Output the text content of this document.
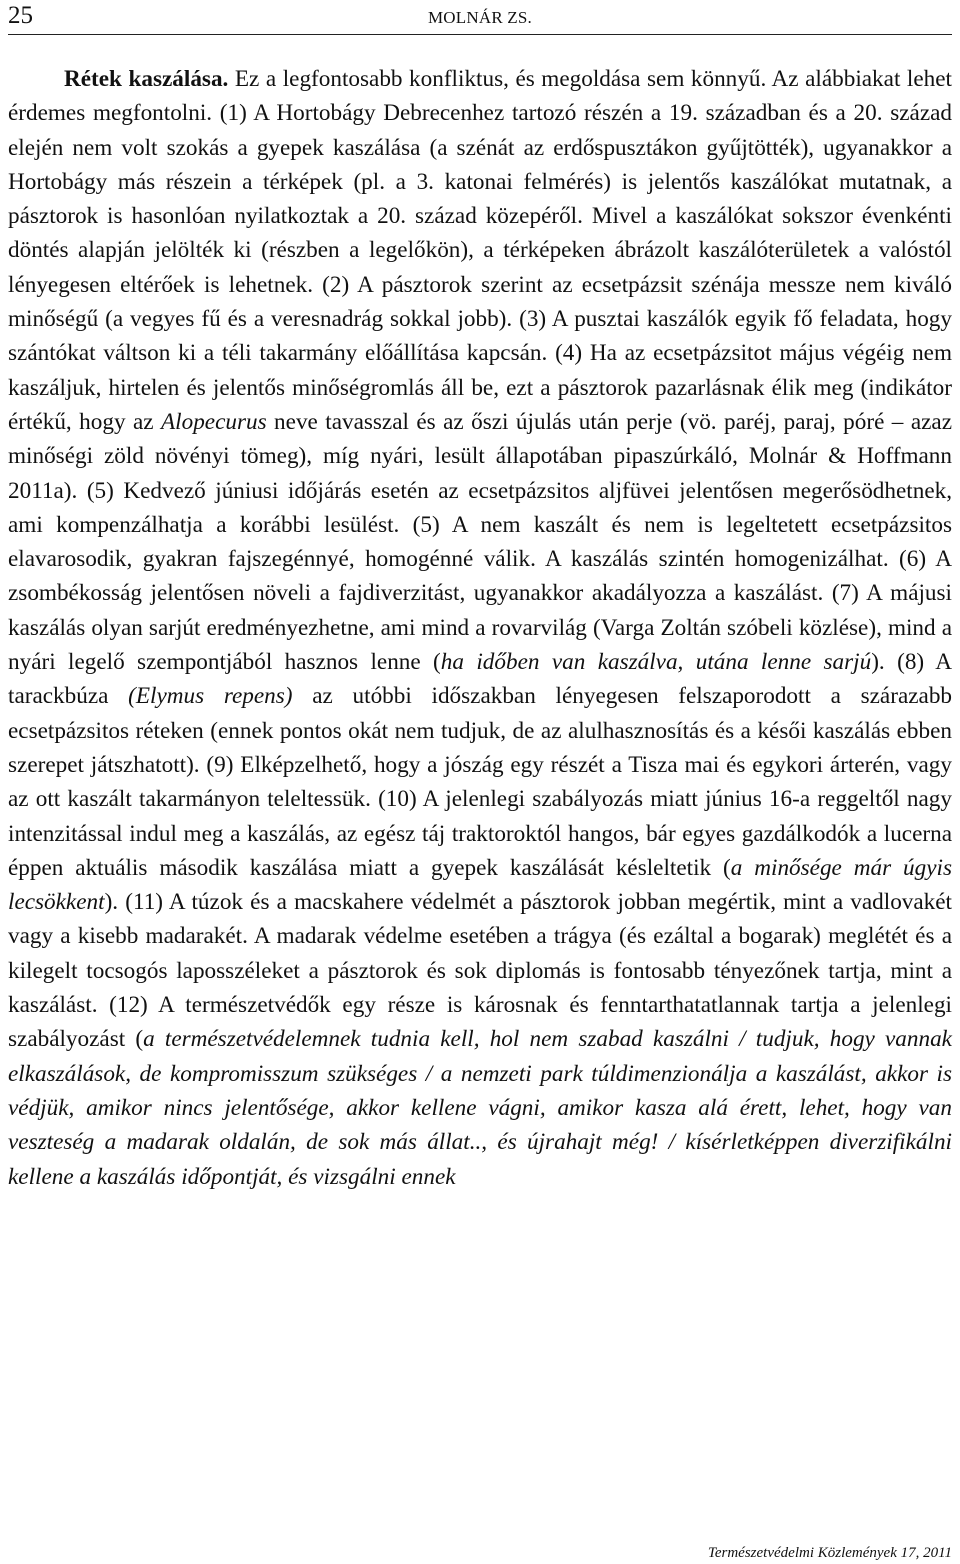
25	MOLNÁR ZS.

Rétek kaszálása. Ez a legfontosabb konfliktus, és megoldása sem könnyű. Az alábbiakat lehet érdemes megfontolni. (1) A Hortobágy Debrecenhez tartozó részén a 19. században és a 20. század elején nem volt szokás a gyepek kaszálása (a szénát az erdőspusztákon gyűjtötték), ugyanakkor a Hortobágy más részein a térképek (pl. a 3. katonai felmérés) is jelentős kaszálókat mutatnak, a pásztorok is hasonlóan nyilatkoztak a 20. század közepéről. Mivel a kaszálókat sokszor évenkénti döntés alapján jelölték ki (részben a legelőkön), a térképeken ábrázolt kaszálóterületek a valóstól lényegesen eltérőek is lehetnek. (2) A pásztorok szerint az ecsetpázsit szénája messze nem kiváló minőségű (a vegyes fű és a veresnadrág sokkal jobb). (3) A pusztai kaszálók egyik fő feladata, hogy szántókat váltson ki a téli takarmány előállítása kapcsán. (4) Ha az ecsetpázsitot május végéig nem kaszáljuk, hirtelen és jelentős minőségromlás áll be, ezt a pásztorok pazarlásnak élik meg (indikátor értékű, hogy az Alopecurus neve tavasszal és az őszi újulás után perje (vö. paréj, paraj, póré – azaz minőségi zöld növényi tömeg), míg nyári, lesült állapotában pipaszúrkáló, Molnár & Hoffmann 2011a). (5) Kedvező júniusi időjárás esetén az ecsetpázsitos aljfüvei jelentősen megerősödhetnek, ami kompenzálhatja a korábbi lesülést. (5) A nem kaszált és nem is legeltetett ecsetpázsitos elavarosodik, gyakran fajszegénnyé, homogénné válik. A kaszálás szintén homogenizálhat. (6) A zsombékosság jelentősen növeli a fajdiverzitást, ugyanakkor akadályozza a kaszálást. (7) A májusi kaszálás olyan sarjút eredményezhetne, ami mind a rovarvilág (Varga Zoltán szóbeli közlése), mind a nyári legelő szempontjából hasznos lenne (ha időben van kaszálva, utána lenne sarjú). (8) A tarackbúza (Elymus repens) az utóbbi időszakban lényegesen felszaporodott a szárazabb ecsetpázsitos réteken (ennek pontos okát nem tudjuk, de az alulhasznosítás és a késői kaszálás ebben szerepet játszhatott). (9) Elképzelhető, hogy a jószág egy részét a Tisza mai és egykori árterén, vagy az ott kaszált takarmányon teleltessük. (10) A jelenlegi szabályozás miatt június 16-a reggeltől nagy intenzitással indul meg a kaszálás, az egész táj traktoroktól hangos, bár egyes gazdálkodók a lucerna éppen aktuális második kaszálása miatt a gyepek kaszálását késleltetik (a minősége már úgyis lecsökkent). (11) A túzok és a macskahere védelmét a pásztorok jobban megértik, mint a vadlovakét vagy a kisebb madarakét. A madarak védelme esetében a trágya (és ezáltal a bogarak) meglétét és a kilegelt tocsogós laposszéleket a pásztorok és sok diplomás is fontosabb tényezőnek tartja, mint a kaszálást. (12) A természetvédők egy része is károsnak és fenntarthatatlannak tartja a jelenlegi szabályozást (a természetvédelemnek tudnia kell, hol nem szabad kaszálni / tudjuk, hogy vannak elkaszálások, de kompromisszum szükséges / a nemzeti park túldimenzionálja a kaszálást, akkor is védjük, amikor nincs jelentősége, akkor kellene vágni, amikor kasza alá érett, lehet, hogy van veszteség a madarak oldalán, de sok más állat.., és újrahajt még! / kísérletképpen diverzifikálni kellene a kaszálás időpontját, és vizsgálni ennek

Természetvédelmi Közlemények 17, 2011
